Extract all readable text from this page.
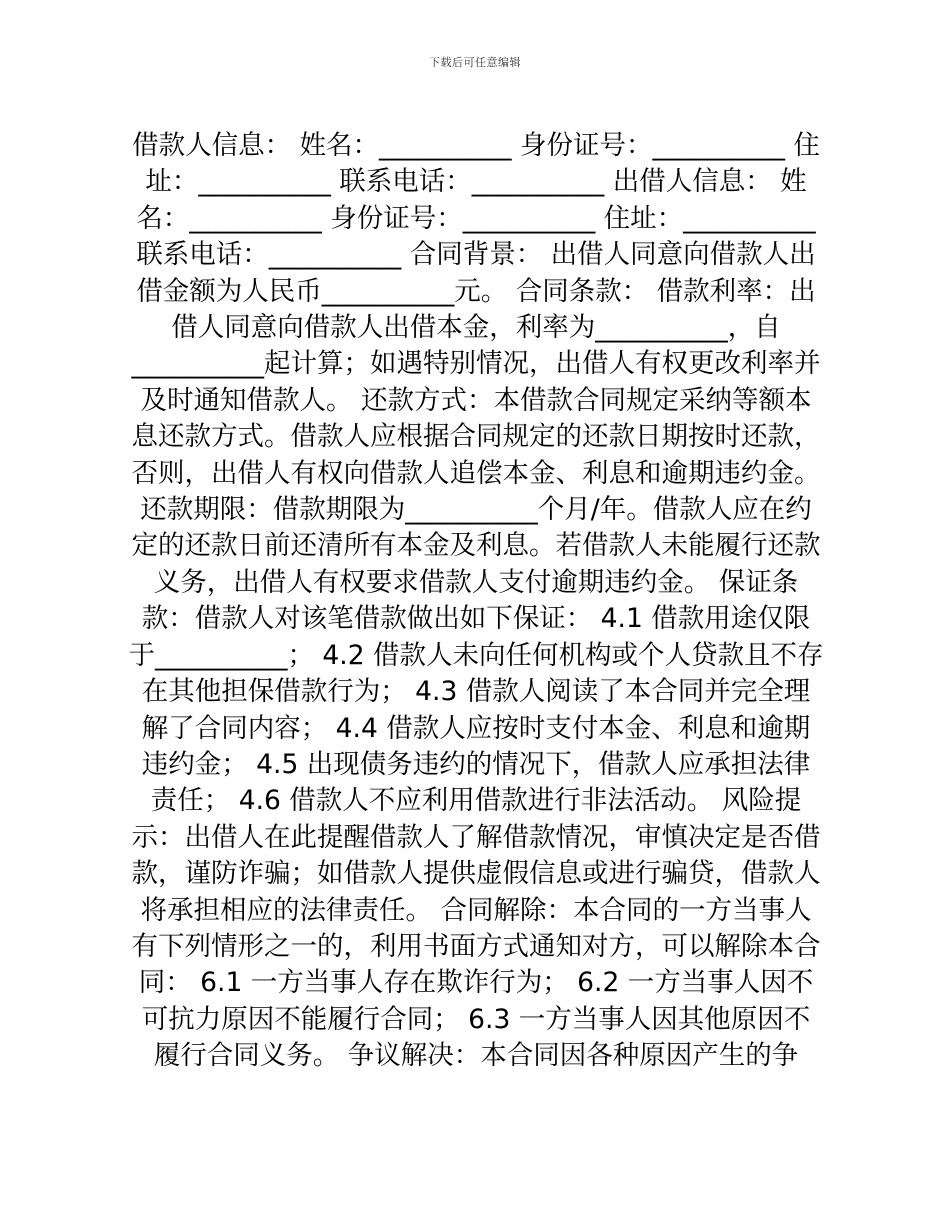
下载后可任意编辑
借款人信息： 姓名：__________ 身份证号：__________ 住
址：__________ 联系电话：__________ 出借人信息： 姓
名：__________ 身份证号：__________ 住址：__________
联系电话：__________ 合同背景： 出借人同意向借款人出
借金额为人民币__________元。 合同条款： 借款利率：出
借人同意向借款人出借本金，利率为__________，自
__________起计算；如遇特别情况，出借人有权更改利率并
及时通知借款人。 还款方式：本借款合同规定采纳等额本
息还款方式。借款人应根据合同规定的还款日期按时还款，
否则，出借人有权向借款人追偿本金、利息和逾期违约金。
还款期限：借款期限为__________个月/年。借款人应在约
定的还款日前还清所有本金及利息。若借款人未能履行还款
义务，出借人有权要求借款人支付逾期违约金。 保证条
款：借款人对该笔借款做出如下保证： 4.1 借款用途仅限
于__________； 4.2 借款人未向任何机构或个人贷款且不存
在其他担保借款行为； 4.3 借款人阅读了本合同并完全理
解了合同内容； 4.4 借款人应按时支付本金、利息和逾期
违约金； 4.5 出现债务违约的情况下，借款人应承担法律
责任； 4.6 借款人不应利用借款进行非法活动。 风险提
示：出借人在此提醒借款人了解借款情况，审慎决定是否借
款，谨防诈骗；如借款人提供虚假信息或进行骗贷，借款人
将承担相应的法律责任。 合同解除：本合同的一方当事人
有下列情形之一的，利用书面方式通知对方，可以解除本合
同： 6.1 一方当事人存在欺诈行为； 6.2 一方当事人因不
可抗力原因不能履行合同； 6.3 一方当事人因其他原因不
履行合同义务。 争议解决：本合同因各种原因产生的争
